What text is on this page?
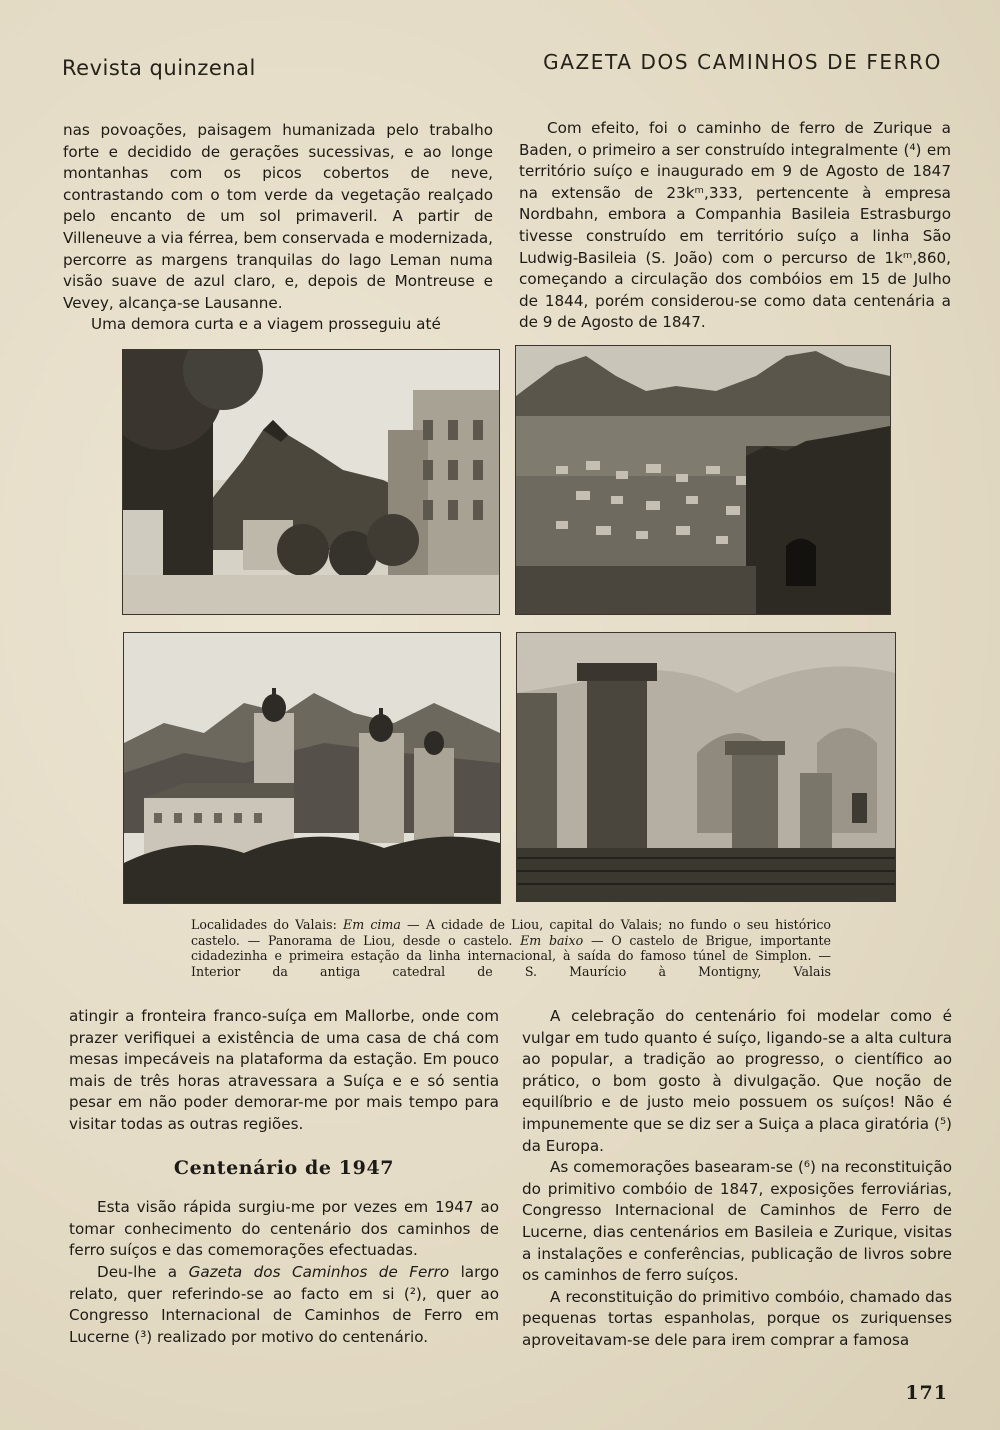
Revista quinzenal	GAZETA DOS CAMINHOS DE FERRO

nas povoações, paisagem humanizada pelo trabalho forte e decidido de gerações sucessivas, e ao longe montanhas com os picos cobertos de neve, contrastando com o tom verde da vegetação realçado pelo encanto de um sol primaveril. A partir de Villeneuve a via férrea, bem conservada e modernizada, percorre as margens tranquilas do lago Leman numa visão suave de azul claro, e, depois de Montreuse e Vevey, alcança-se Lausanne.

Uma demora curta e a viagem prosseguiu até

Com efeito, foi o caminho de ferro de Zurique a Baden, o primeiro a ser construído integralmente (⁴) em território suíço e inaugurado em 9 de Agosto de 1847 na extensão de 23kᵐ,333, pertencente à empresa Nordbahn, embora a Companhia Basileia Estrasburgo tivesse construído em território suíço a linha São Ludwig-Basileia (S. João) com o percurso de 1kᵐ,860, começando a circulação dos combóios em 15 de Julho de 1844, porém considerou-se como data centenária a de 9 de Agosto de 1847.

Localidades do Valais: Em cima — A cidade de Liou, capital do Valais; no fundo o seu histórico castelo. — Panorama de Liou, desde o castelo. Em baixo — O castelo de Brigue, importante cidadezinha e primeira estação da linha internacional, à saída do famoso túnel de Simplon. — Interior da antiga catedral de S. Maurício à Montigny, Valais

atingir a fronteira franco-suíça em Mallorbe, onde com prazer verifiquei a existência de uma casa de chá com mesas impecáveis na plataforma da estação. Em pouco mais de três horas atravessara a Suíça e e só sentia pesar em não poder demorar-me por mais tempo para visitar todas as outras regiões.

Centenário de 1947

Esta visão rápida surgiu-me por vezes em 1947 ao tomar conhecimento do centenário dos caminhos de ferro suíços e das comemorações efectuadas.

Deu-lhe a Gazeta dos Caminhos de Ferro largo relato, quer referindo-se ao facto em si (²), quer ao Congresso Internacional de Caminhos de Ferro em Lucerne (³) realizado por motivo do centenário.

A celebração do centenário foi modelar como é vulgar em tudo quanto é suíço, ligando-se a alta cultura ao popular, a tradição ao progresso, o científico ao prático, o bom gosto à divulgação. Que noção de equilíbrio e de justo meio possuem os suíços! Não é impunemente que se diz ser a Suiça a placa giratória (⁵) da Europa.

As comemorações basearam-se (⁶) na reconstituição do primitivo combóio de 1847, exposições ferroviárias, Congresso Internacional de Caminhos de Ferro de Lucerne, dias centenários em Basileia e Zurique, visitas a instalações e conferências, publicação de livros sobre os caminhos de ferro suíços.

A reconstituição do primitivo combóio, chamado das pequenas tortas espanholas, porque os zuriquenses aproveitavam-se dele para irem comprar a famosa

171
